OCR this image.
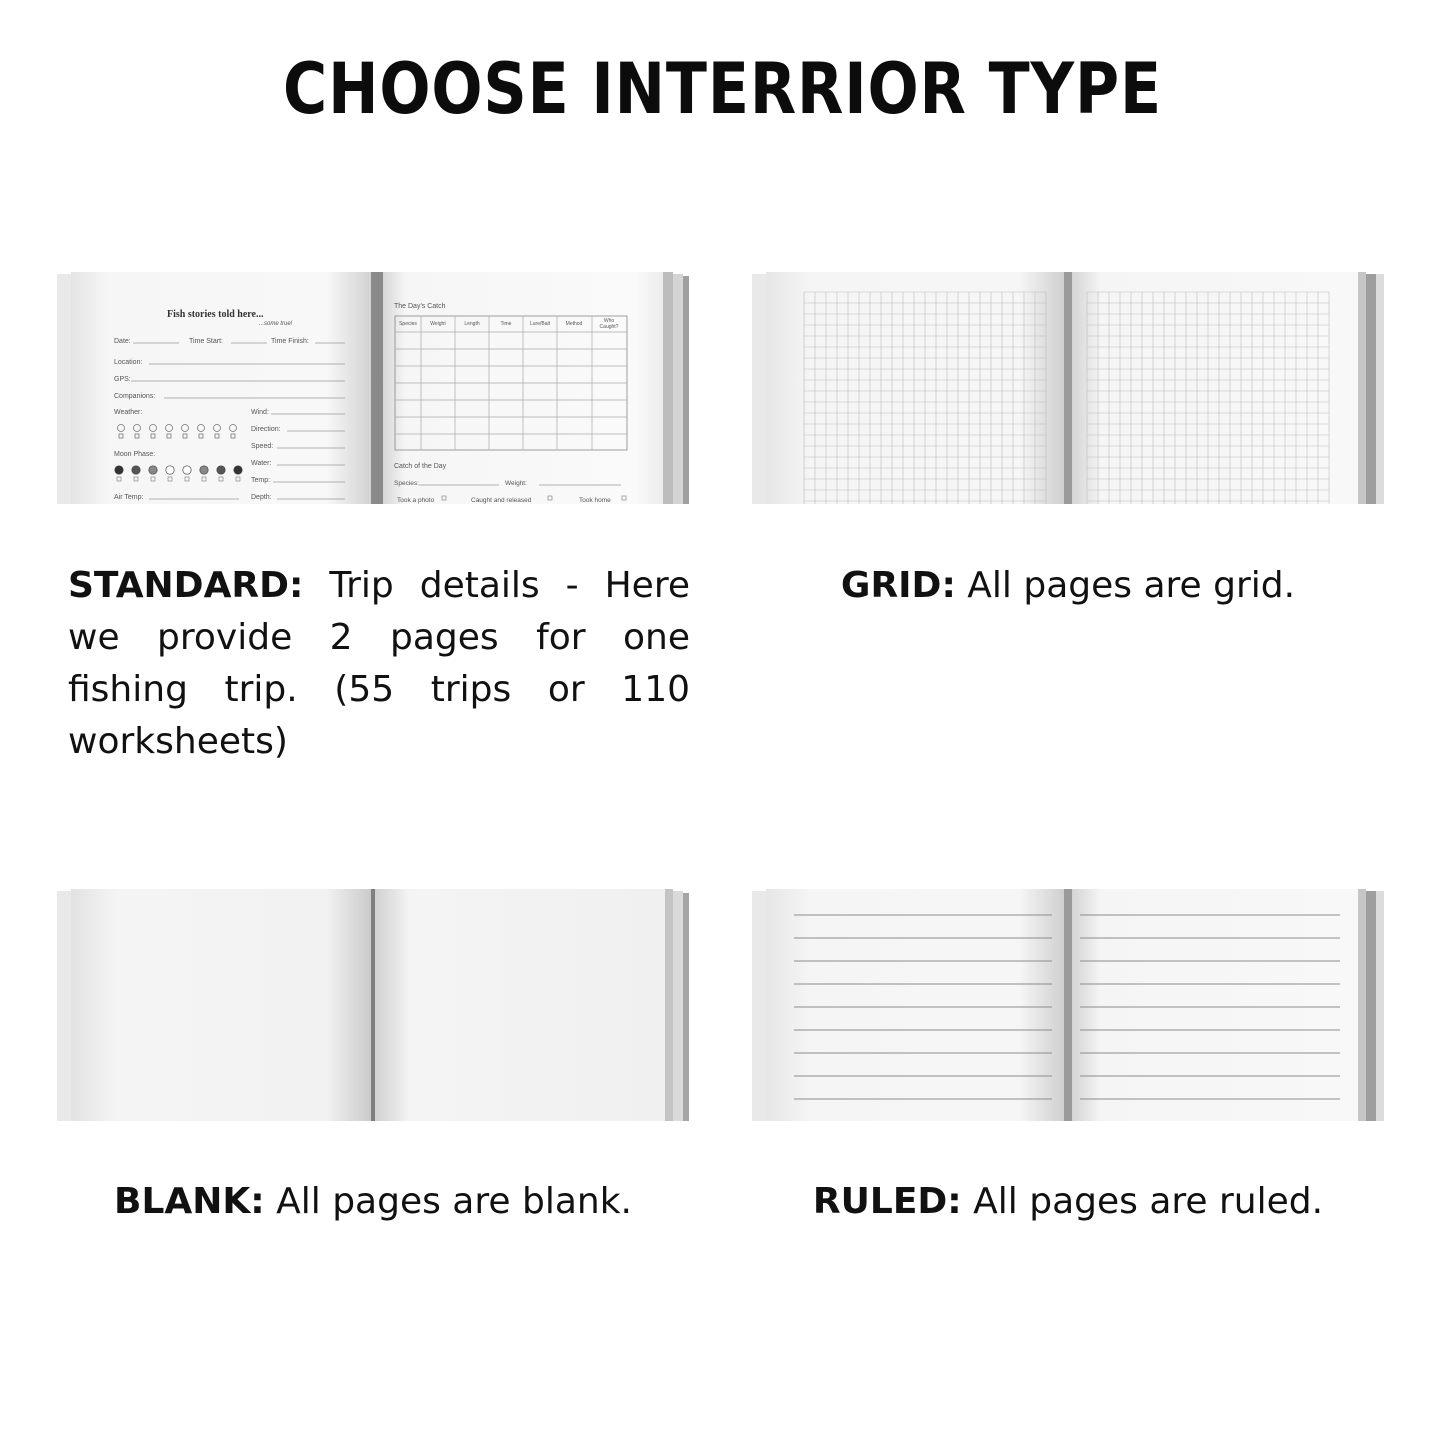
CHOOSE INTERRIOR TYPE
Fish stories told here...
...some true!
Date:	Time Start:	Time Finish:
Location:
GPS:
Companions:
Weather:	Wind:
Direction:
Speed:
Moon Phase:
Water:
Temp:
Air Temp:	Depth:
The Day's Catch
Species	Weight	Length	Time	Lure/Bait	Method	Who
Caught?
Catch of the Day
Species:	Weight:
Took a photo	Caught and released	Took home
STANDARD: Trip details - Here we provide 2 pages for one fishing trip. (55 trips or 110 worksheets)
GRID: All pages are grid.
BLANK: All pages are blank.	RULED: All pages are ruled.
